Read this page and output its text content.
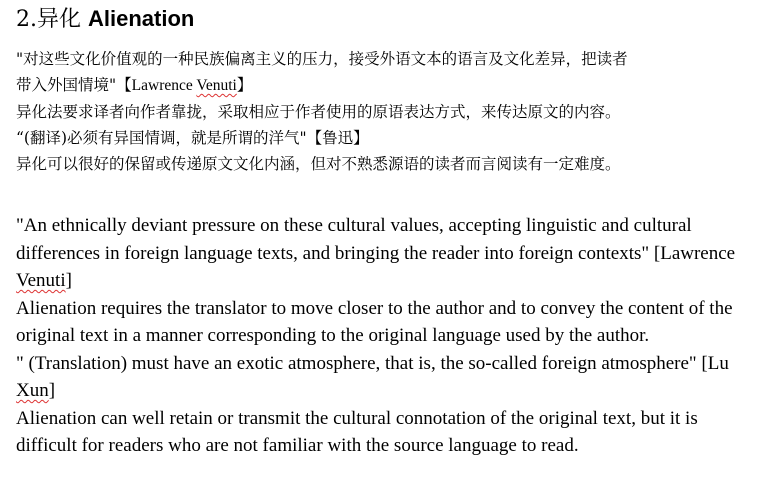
2.异化 Alienation

"对这些文化价值观的一种民族偏离主义的压力，接受外语文本的语言及文化差异，把读者

带入外国情境"【Lawrence Venuti】

异化法要求译者向作者靠拢，采取相应于作者使用的原语表达方式，来传达原文的内容。

“(翻译)必须有异国情调，就是所谓的洋气"【鲁迅】

异化可以很好的保留或传递原文文化内涵，但对不熟悉源语的读者而言阅读有一定难度。

"An ethnically deviant pressure on these cultural values, accepting linguistic and cultural differences in foreign language texts, and bringing the reader into foreign contexts" [Lawrence Venuti]

Alienation requires the translator to move closer to the author and to convey the content of the original text in a manner corresponding to the original language used by the author.

" (Translation) must have an exotic atmosphere, that is, the so-called foreign atmosphere" [Lu Xun]

Alienation can well retain or transmit the cultural connotation of the original text, but it is difficult for readers who are not familiar with the source language to read.
